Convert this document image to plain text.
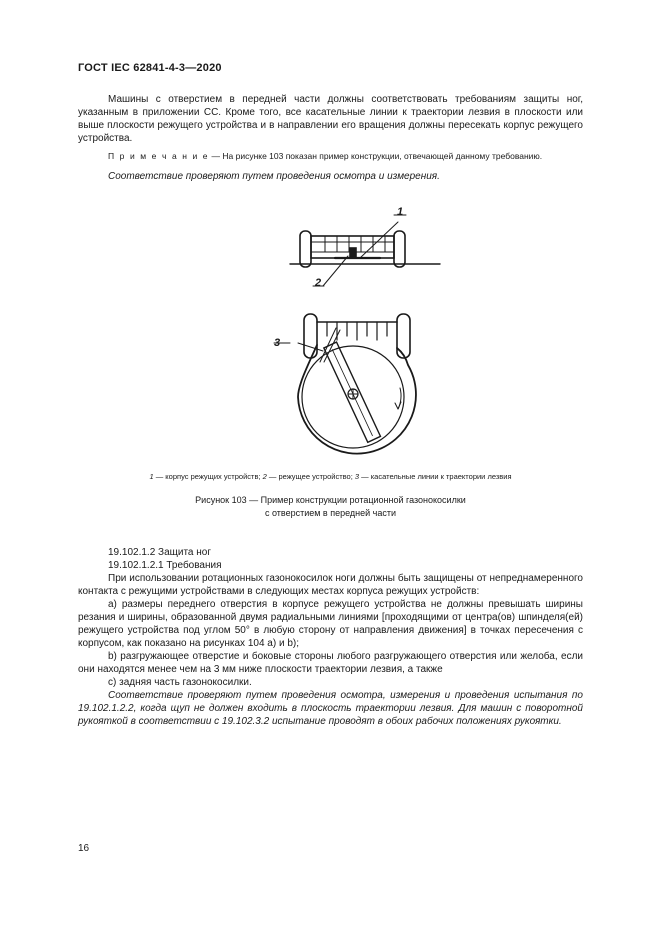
ГОСТ IEC 62841-4-3—2020

Машины с отверстием в передней части должны соответствовать требованиям защиты ног, указанным в приложении СС. Кроме того, все касательные линии к траектории лезвия в плоскости или выше плоскости режущего устройства и в направлении его вращения должны пересекать корпус режущего устройства.

П р и м е ч а н и е — На рисунке 103 показан пример конструкции, отвечающей данному требованию.

Соответствие проверяют путем проведения осмотра и измерения.

1
2
3

1 — корпус режущих устройств; 2 — режущее устройство; 3 — касательные линии к траектории лезвия

Рисунок 103 — Пример конструкции ротационной газонокосилки

с отверстием в передней части

19.102.1.2 Защита ног

19.102.1.2.1 Требования

При использовании ротационных газонокосилок ноги должны быть защищены от непреднамеренного контакта с режущими устройствами в следующих местах корпуса режущих устройств:

а) размеры переднего отверстия в корпусе режущего устройства не должны превышать ширины резания и ширины, образованной двумя радиальными линиями [проходящими от центра(ов) шпинделя(ей) режущего устройства под углом 50° в любую сторону от направления движения] в точках пересечения с корпусом, как показано на рисунках 104 а) и b);

b) разгружающее отверстие и боковые стороны любого разгружающего отверстия или желоба, если они находятся менее чем на 3 мм ниже плоскости траектории лезвия, а также

с) задняя часть газонокосилки.

Соответствие проверяют путем проведения осмотра, измерения и проведения испытания по 19.102.1.2.2, когда щуп не должен входить в плоскость траектории лезвия. Для машин с поворотной рукояткой в соответствии с 19.102.3.2 испытание проводят в обоих рабочих положениях рукоятки.

16
